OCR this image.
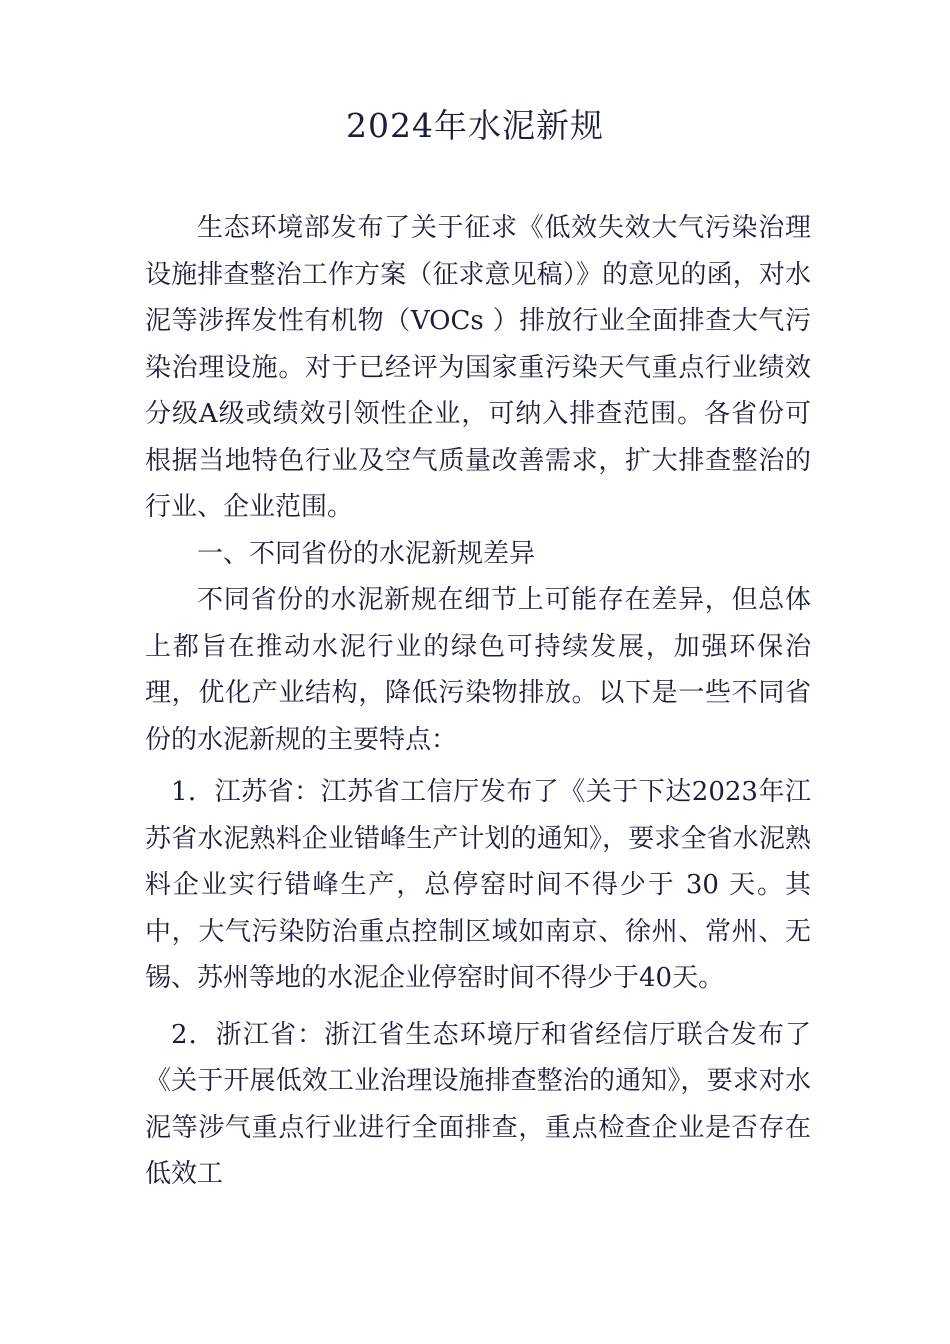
2024年水泥新规

生态环境部发布了关于征求《低效失效大气污染治理设施排查整治工作方案（征求意见稿）》的意见的函，对水泥等涉挥发性有机物（VOCs ）排放行业全面排查大气污染治理设施。对于已经评为国家重污染天气重点行业绩效分级A级或绩效引领性企业，可纳入排查范围。各省份可根据当地特色行业及空气质量改善需求，扩大排查整治的行业、企业范围。

一、不同省份的水泥新规差异

不同省份的水泥新规在细节上可能存在差异，但总体上都旨在推动水泥行业的绿色可持续发展，加强环保治理，优化产业结构，降低污染物排放。以下是一些不同省份的水泥新规的主要特点：

1．江苏省：江苏省工信厅发布了《关于下达2023年江苏省水泥熟料企业错峰生产计划的通知》，要求全省水泥熟料企业实行错峰生产，总停窑时间不得少于 30 天。其中，大气污染防治重点控制区域如南京、徐州、常州、无锡、苏州等地的水泥企业停窑时间不得少于40天。

2．浙江省：浙江省生态环境厅和省经信厅联合发布了《关于开展低效工业治理设施排查整治的通知》，要求对水泥等涉气重点行业进行全面排查，重点检查企业是否存在低效工
